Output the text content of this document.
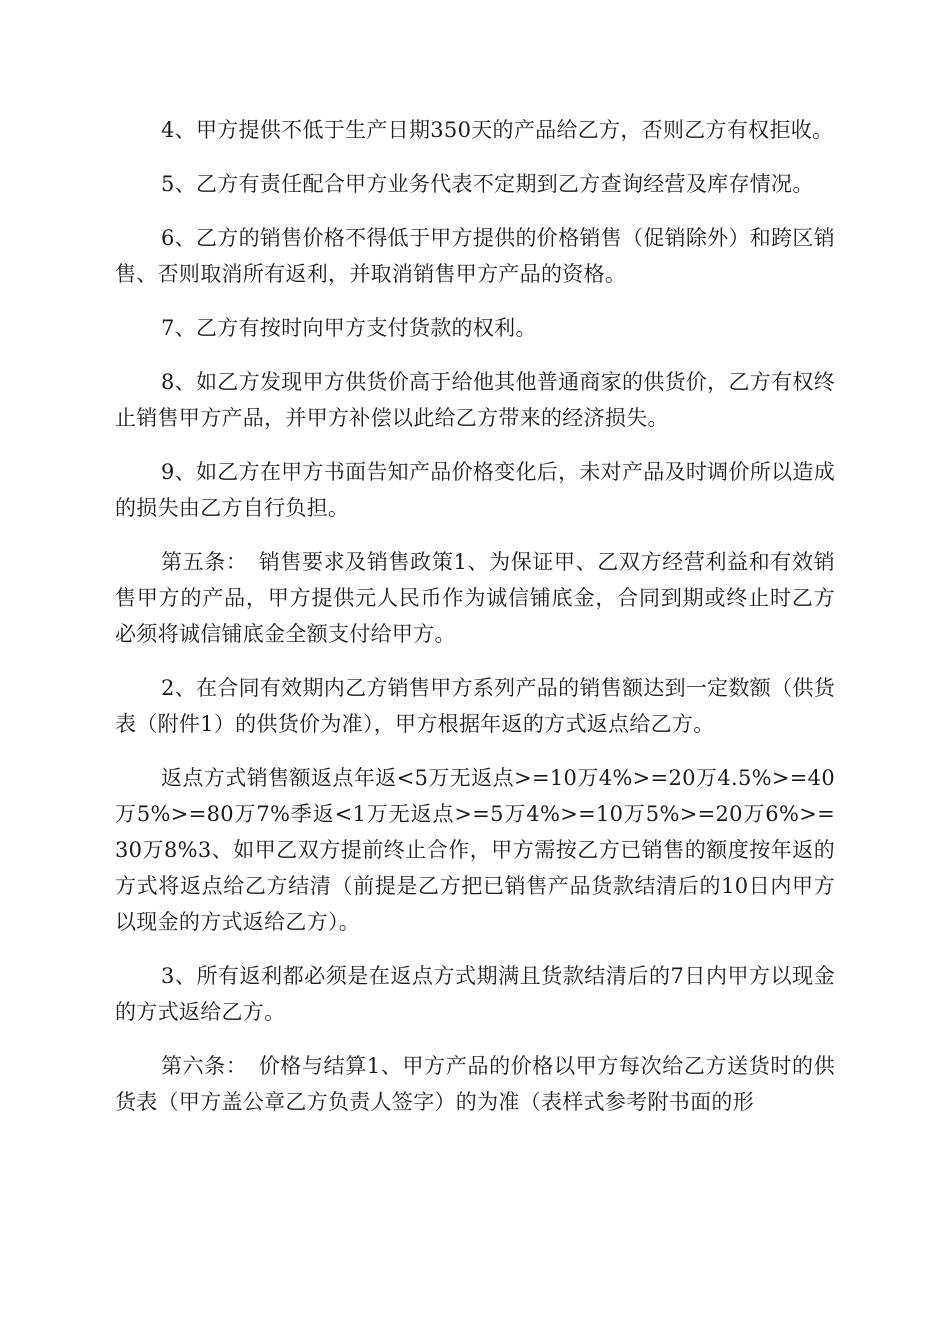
4、甲方提供不低于生产日期350天的产品给乙方，否则乙方有权拒收。

5、乙方有责任配合甲方业务代表不定期到乙方查询经营及库存情况。

6、乙方的销售价格不得低于甲方提供的价格销售（促销除外）和跨区销售、否则取消所有返利，并取消销售甲方产品的资格。

7、乙方有按时向甲方支付货款的权利。

8、如乙方发现甲方供货价高于给他其他普通商家的供货价，乙方有权终止销售甲方产品，并甲方补偿以此给乙方带来的经济损失。

9、如乙方在甲方书面告知产品价格变化后，未对产品及时调价所以造成的损失由乙方自行负担。

第五条：　销售要求及销售政策1、为保证甲、乙双方经营利益和有效销售甲方的产品，甲方提供元人民币作为诚信铺底金，合同到期或终止时乙方必须将诚信铺底金全额支付给甲方。

2、在合同有效期内乙方销售甲方系列产品的销售额达到一定数额（供货表（附件1）的供货价为准），甲方根据年返的方式返点给乙方。

返点方式销售额返点年返<5万无返点>=10万4%>=20万4.5%>=40万5%>=80万7%季返<1万无返点>=5万4%>=10万5%>=20万6%>=30万8%3、如甲乙双方提前终止合作，甲方需按乙方已销售的额度按年返的方式将返点给乙方结清（前提是乙方把已销售产品货款结清后的10日内甲方以现金的方式返给乙方）。

3、所有返利都必须是在返点方式期满且货款结清后的7日内甲方以现金的方式返给乙方。

第六条：　价格与结算1、甲方产品的价格以甲方每次给乙方送货时的供货表（甲方盖公章乙方负责人签字）的为准（表样式参考附书面的形
